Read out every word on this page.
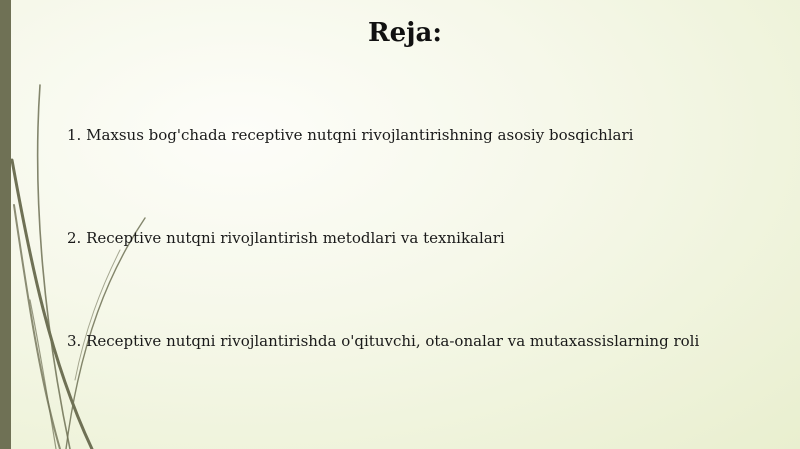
Reja:
1. Maxsus bog'chada receptive nutqni rivojlantirishning asosiy bosqichlari
2. Receptive nutqni rivojlantirish metodlari va texnikalari
3. Receptive nutqni rivojlantirishda o'qituvchi, ota-onalar va mutaxassislarning roli
